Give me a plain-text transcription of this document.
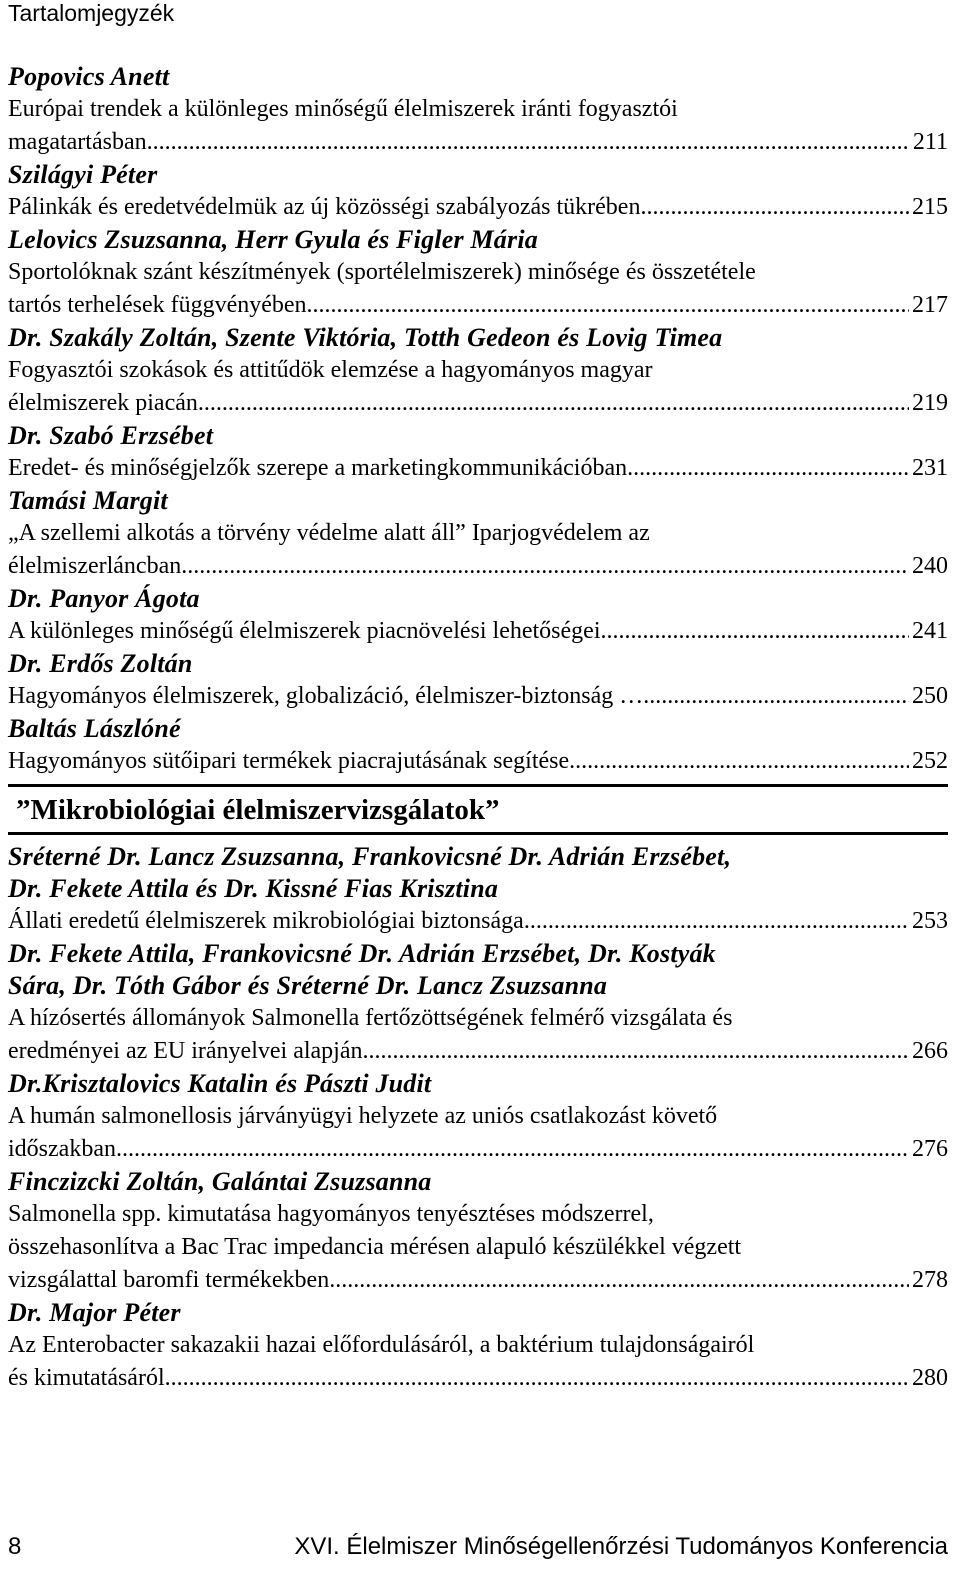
Tartalomjegyzék
Popovics Anett
Európai trendek a különleges minőségű élelmiszerek iránti fogyasztói
magatartásban. .....	211
Szilágyi Péter
Pálinkák és eredetvédelmük az új közösségi szabályozás tükrében. .....	215
Lelovics Zsuzsanna, Herr Gyula és Figler Mária
Sportolóknak szánt készítmények (sportélelmiszerek) minősége és összetétele
tartós terhelések függvényében .....	217
Dr. Szakály Zoltán, Szente Viktória, Totth Gedeon és Lovig Timea
Fogyasztói szokások és attitűdök elemzése a hagyományos magyar
élelmiszerek piacán .....	219
Dr. Szabó Erzsébet
Eredet- és minőségjelzők szerepe a marketingkommunikációban .....	231
Tamási Margit
„A szellemi alkotás a törvény védelme alatt áll” Iparjogvédelem az
élelmiszerláncban .....	240
Dr. Panyor Ágota
A különleges minőségű élelmiszerek piacnövelési lehetőségei .....	241
Dr. Erdős Zoltán
Hagyományos élelmiszerek, globalizáció, élelmiszer-biztonság … .....	250
Baltás Lászlóné
Hagyományos sütőipari termékek piacrajutásának segítése .....	252
”Mikrobiológiai élelmiszervizsgálatok”
Sréterné Dr. Lancz Zsuzsanna, Frankovicsné Dr. Adrián Erzsébet,
Dr. Fekete Attila és Dr. Kissné Fias Krisztina
Állati eredetű élelmiszerek mikrobiológiai biztonsága .....	253
Dr. Fekete Attila, Frankovicsné Dr. Adrián Erzsébet, Dr. Kostyák
Sára, Dr. Tóth Gábor és Sréterné Dr. Lancz Zsuzsanna
A hízósertés állományok Salmonella fertőzöttségének felmérő vizsgálata és
eredményei az EU irányelvei alapján .....	266
Dr.Krisztalovics Katalin és Pászti Judit
A humán salmonellosis járványügyi helyzete az uniós csatlakozást követő
időszakban .....	276
Finczizcki Zoltán, Galántai Zsuzsanna
Salmonella spp. kimutatása hagyományos tenyésztéses módszerrel,
összehasonlítva a Bac Trac impedancia mérésen alapuló készülékkel végzett
vizsgálattal baromfi termékekben .....	278
Dr. Major Péter
Az Enterobacter sakazakii hazai előfordulásáról, a baktérium tulajdonságairól
és kimutatásáról .....	280
8	XVI. Élelmiszer Minőségellenőrzési Tudományos Konferencia
